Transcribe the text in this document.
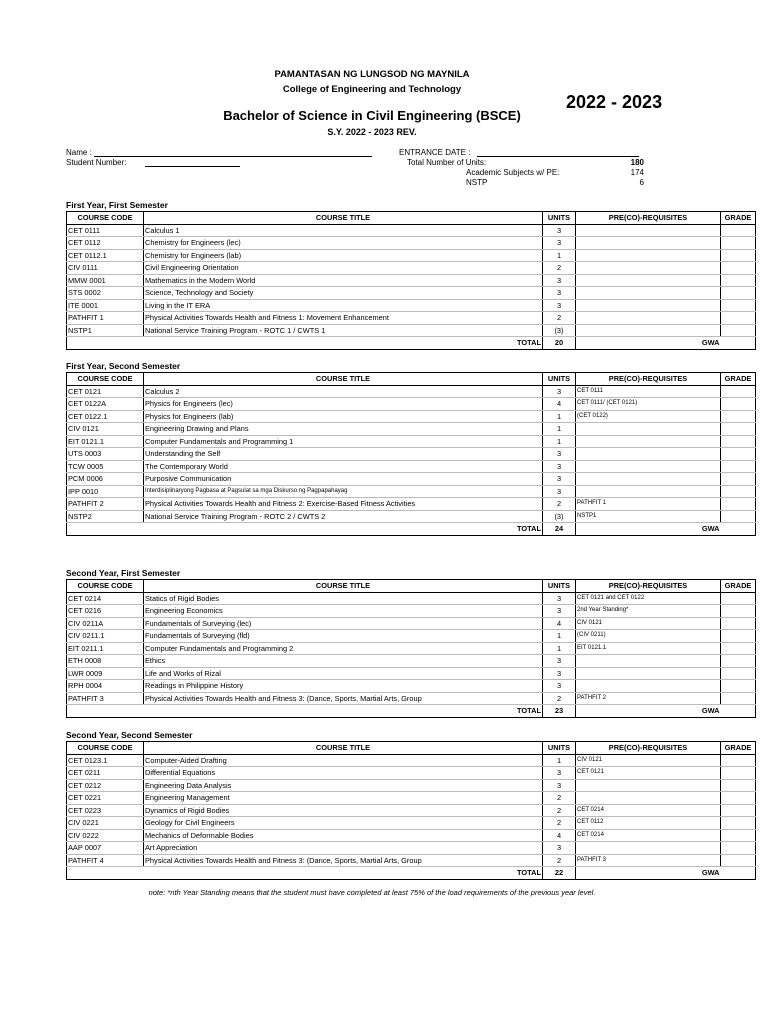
PAMANTASAN NG LUNGSOD NG MAYNILA
College of Engineering and Technology
2022 - 2023
Bachelor of Science in Civil Engineering (BSCE)
S.Y. 2022 - 2023 REV.
Name :
Student Number:
ENTRANCE DATE :
Total Number of Units:	180
Academic Subjects w/ PE:	174
NSTP	6
First Year, First Semester
COURSE CODE	COURSE TITLE	UNITS	PRE(CO)-REQUISITES	GRADE
CET 0111	Calculus 1	3		
CET 0112	Chemistry for Engineers (lec)	3		
CET 0112.1	Chemistry for Engineers (lab)	1		
CIV 0111	Civil Engineering Orientation	2		
MMW 0001	Mathematics in the Modern World	3		
STS 0002	Science, Technology and Society	3		
ITE 0001	Living in the IT ERA	3		
PATHFIT 1	Physical Activities Towards Health and Fitness 1: Movement Enhancement	2		
NSTP1	National Service Training Program - ROTC 1 / CWTS 1	(3)		
	TOTAL	20	GWA	
First Year, Second Semester
COURSE CODE	COURSE TITLE	UNITS	PRE(CO)-REQUISITES	GRADE
CET 0121	Calculus 2	3	CET 0111	
CET 0122A	Physics for Engineers (lec)	4	CET 0111/ (CET 0121)	
CET 0122.1	Physics for Engineers (lab)	1	(CET 0122)	
CIV 0121	Engineering Drawing and Plans	1		
EIT 0121.1	Computer Fundamentals and Programming 1	1		
UTS 0003	Understanding the Self	3		
TCW 0005	The Contemporary World	3		
PCM 0006	Purposive Communication	3		
IPP 0010	Interdisiplinaryong Pagbasa at Pagsulat sa mga Diskurso ng Pagpapahayag	3		
PATHFIT 2	Physical Activities Towards Health and Fitness 2: Exercise-Based Fitness Activities	2	PATHFIT 1	
NSTP2	National Service Training Program - ROTC 2 / CWTS 2	(3)	NSTP1	
	TOTAL	24	GWA	
Second Year, First Semester
COURSE CODE	COURSE TITLE	UNITS	PRE(CO)-REQUISITES	GRADE
CET 0214	Statics of Rigid Bodies	3	CET 0121 and CET 0122	
CET 0216	Engineering Economics	3	2nd Year Standing*	
CIV 0211A	Fundamentals of Surveying (lec)	4	CIV 0121	
CIV 0211.1	Fundamentals of Surveying (fld)	1	(CIV 0211)	
EIT 0211.1	Computer Fundamentals and Programming 2	1	EIT 0121.1	
ETH 0008	Ethics	3		
LWR 0009	Life and Works of Rizal	3		
RPH 0004	Readings in Philippine History	3		
PATHFIT 3	Physical Activities Towards Health and Fitness 3: (Dance, Sports, Martial Arts, Group	2	PATHFIT 2	
	TOTAL	23	GWA	
Second Year, Second Semester
COURSE CODE	COURSE TITLE	UNITS	PRE(CO)-REQUISITES	GRADE
CET 0123.1	Computer-Aided Drafting	1	CIV 0121	
CET 0211	Differential Equations	3	CET 0121	
CET 0212	Engineering Data Analysis	3		
CET 0221	Engineering Management	2		
CET 0223	Dynamics of Rigid Bodies	2	CET 0214	
CIV 0221	Geology for Civil Engineers	2	CET 0112	
CIV 0222	Mechanics of Deformable Bodies	4	CET 0214	
AAP 0007	Art Appreciation	3		
PATHFIT 4	Physical Activities Towards Health and Fitness 3: (Dance, Sports, Martial Arts, Group	2	PATHFIT 3	
	TOTAL	22	GWA	
note: *nth Year Standing means that the student must have completed at least 75% of the load requirements of the previous year level.
